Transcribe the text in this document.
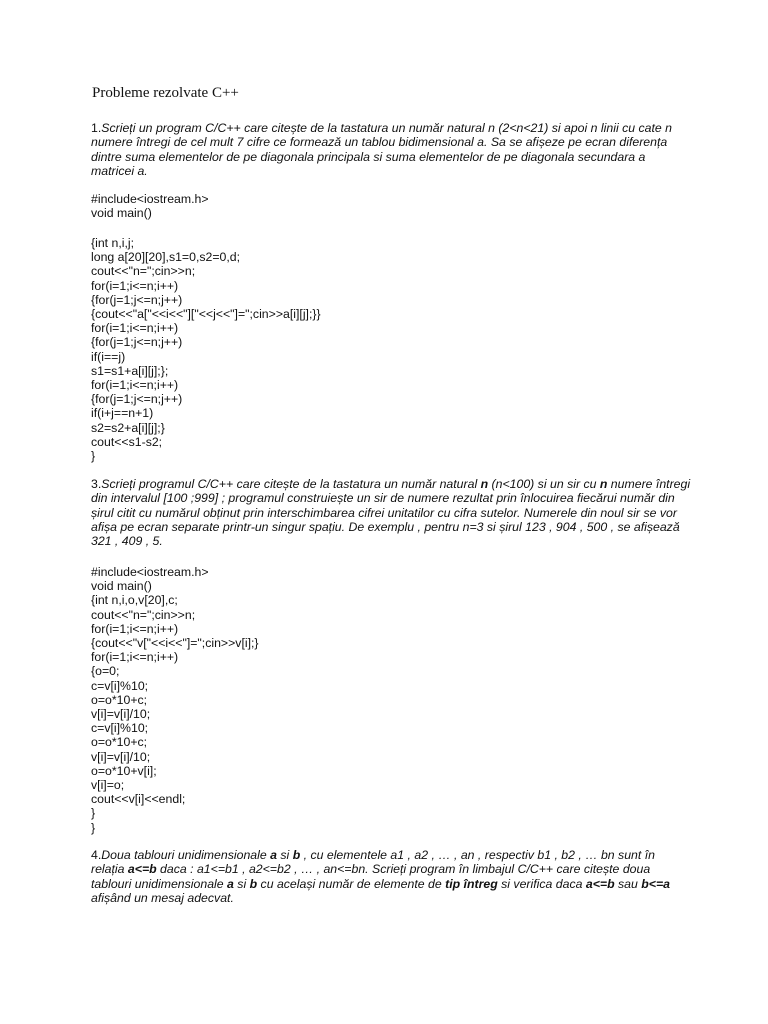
Probleme rezolvate C++
1.Scrieți un program C/C++ care citește de la tastatura un număr natural n (2<n<21) si apoi n linii cu cate n numere întregi de cel mult 7 cifre ce formează un tablou bidimensional a. Sa se afișeze pe ecran diferența dintre suma elementelor de pe diagonala principala si suma elementelor de pe diagonala secundara a matricei a.
#include<iostream.h>
void main()
{int n,i,j;
long a[20][20],s1=0,s2=0,d;
cout<<"n=";cin>>n;
for(i=1;i<=n;i++)
{for(j=1;j<=n;j++)
{cout<<"a["<<i<<"]["<<j<<"]=";cin>>a[i][j];}}
for(i=1;i<=n;i++)
{for(j=1;j<=n;j++)
if(i==j)
s1=s1+a[i][j];};
for(i=1;i<=n;i++)
{for(j=1;j<=n;j++)
if(i+j==n+1)
s2=s2+a[i][j];}
cout<<s1-s2;
}
3.Scrieți programul C/C++ care citește de la tastatura un număr natural n (n<100) si un sir cu n numere întregi din intervalul [100 ;999] ; programul construiește un sir de numere rezultat prin înlocuirea fiecărui număr din șirul citit cu numărul obținut prin interschimbarea cifrei unitatilor cu cifra sutelor. Numerele din noul sir se vor afișa pe ecran separate printr-un singur spațiu. De exemplu , pentru n=3 si șirul 123 , 904 , 500 , se afișează 321 , 409 , 5.
#include<iostream.h>
void main()
{int n,i,o,v[20],c;
cout<<"n=";cin>>n;
for(i=1;i<=n;i++)
{cout<<"v["<<i<<"]=";cin>>v[i];}
for(i=1;i<=n;i++)
{o=0;
c=v[i]%10;
o=o*10+c;
v[i]=v[i]/10;
c=v[i]%10;
o=o*10+c;
v[i]=v[i]/10;
o=o*10+v[i];
v[i]=o;
cout<<v[i]<<endl;
}
}
4.Doua tablouri unidimensionale a si b , cu elementele a1 , a2 , … , an , respectiv b1 , b2 , … bn sunt în relația a<=b daca : a1<=b1 , a2<=b2 , … , an<=bn. Scrieți program în limbajul C/C++ care citește doua tablouri unidimensionale a si b cu același număr de elemente de tip întreg si verifica daca a<=b sau b<=a afișând un mesaj adecvat.
